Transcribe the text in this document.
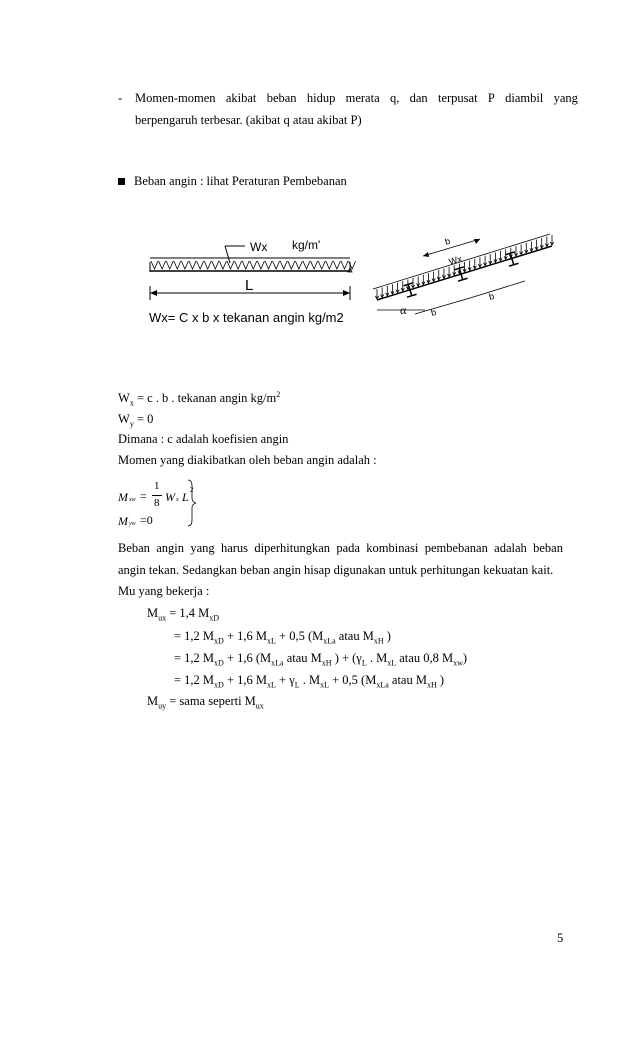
- Momen-momen akibat beban hidup merata q, dan terpusat P diambil yang
berpengaruh terbesar. (akibat q atau akibat P)
Beban angin : lihat Peraturan Pembebanan
Wx kg/m'
L
Wx= C x b x tekanan angin kg/m2
b
Wx
b
b
α
$W_x = c$ . b . tekanan angin $kg/m^2$
$W_y = 0$
Dimana : c adalah koefisien angin
Momen yang diakibatkan oleh beban angin adalah :
M xw =
1
8 W x L 2
M yw =0
Beban angin yang harus diperhitungkan pada kombinasi pembebanan adalah beban
angin tekan. Sedangkan beban angin hisap digunakan untuk perhitungan kekuatan kait.
Mu yang bekerja :
$M_{ux} = 1,4$ $M_{xD}$
= 1,2 $M_{xD} + 1,6$ $M_{xL} + 0,5$ ($M_{xLa}$ atau $M_{xH}$ )
= 1,2 $M_{xD} + 1,6$ ($M_{xLa}$ atau $M_{xH}$ ) + ($\gamma_L$ . $M_{xL}$ atau 0,8 $M_{xw}$)
= 1,2 $M_{xD} + 1,6$ $M_{xL} + \gamma_L$ . $M_{xL} + 0,5$ ($M_{xLa}$ atau $M_{xH}$ )
$M_{uy}$ = sama seperti $M_{ux}$
5
